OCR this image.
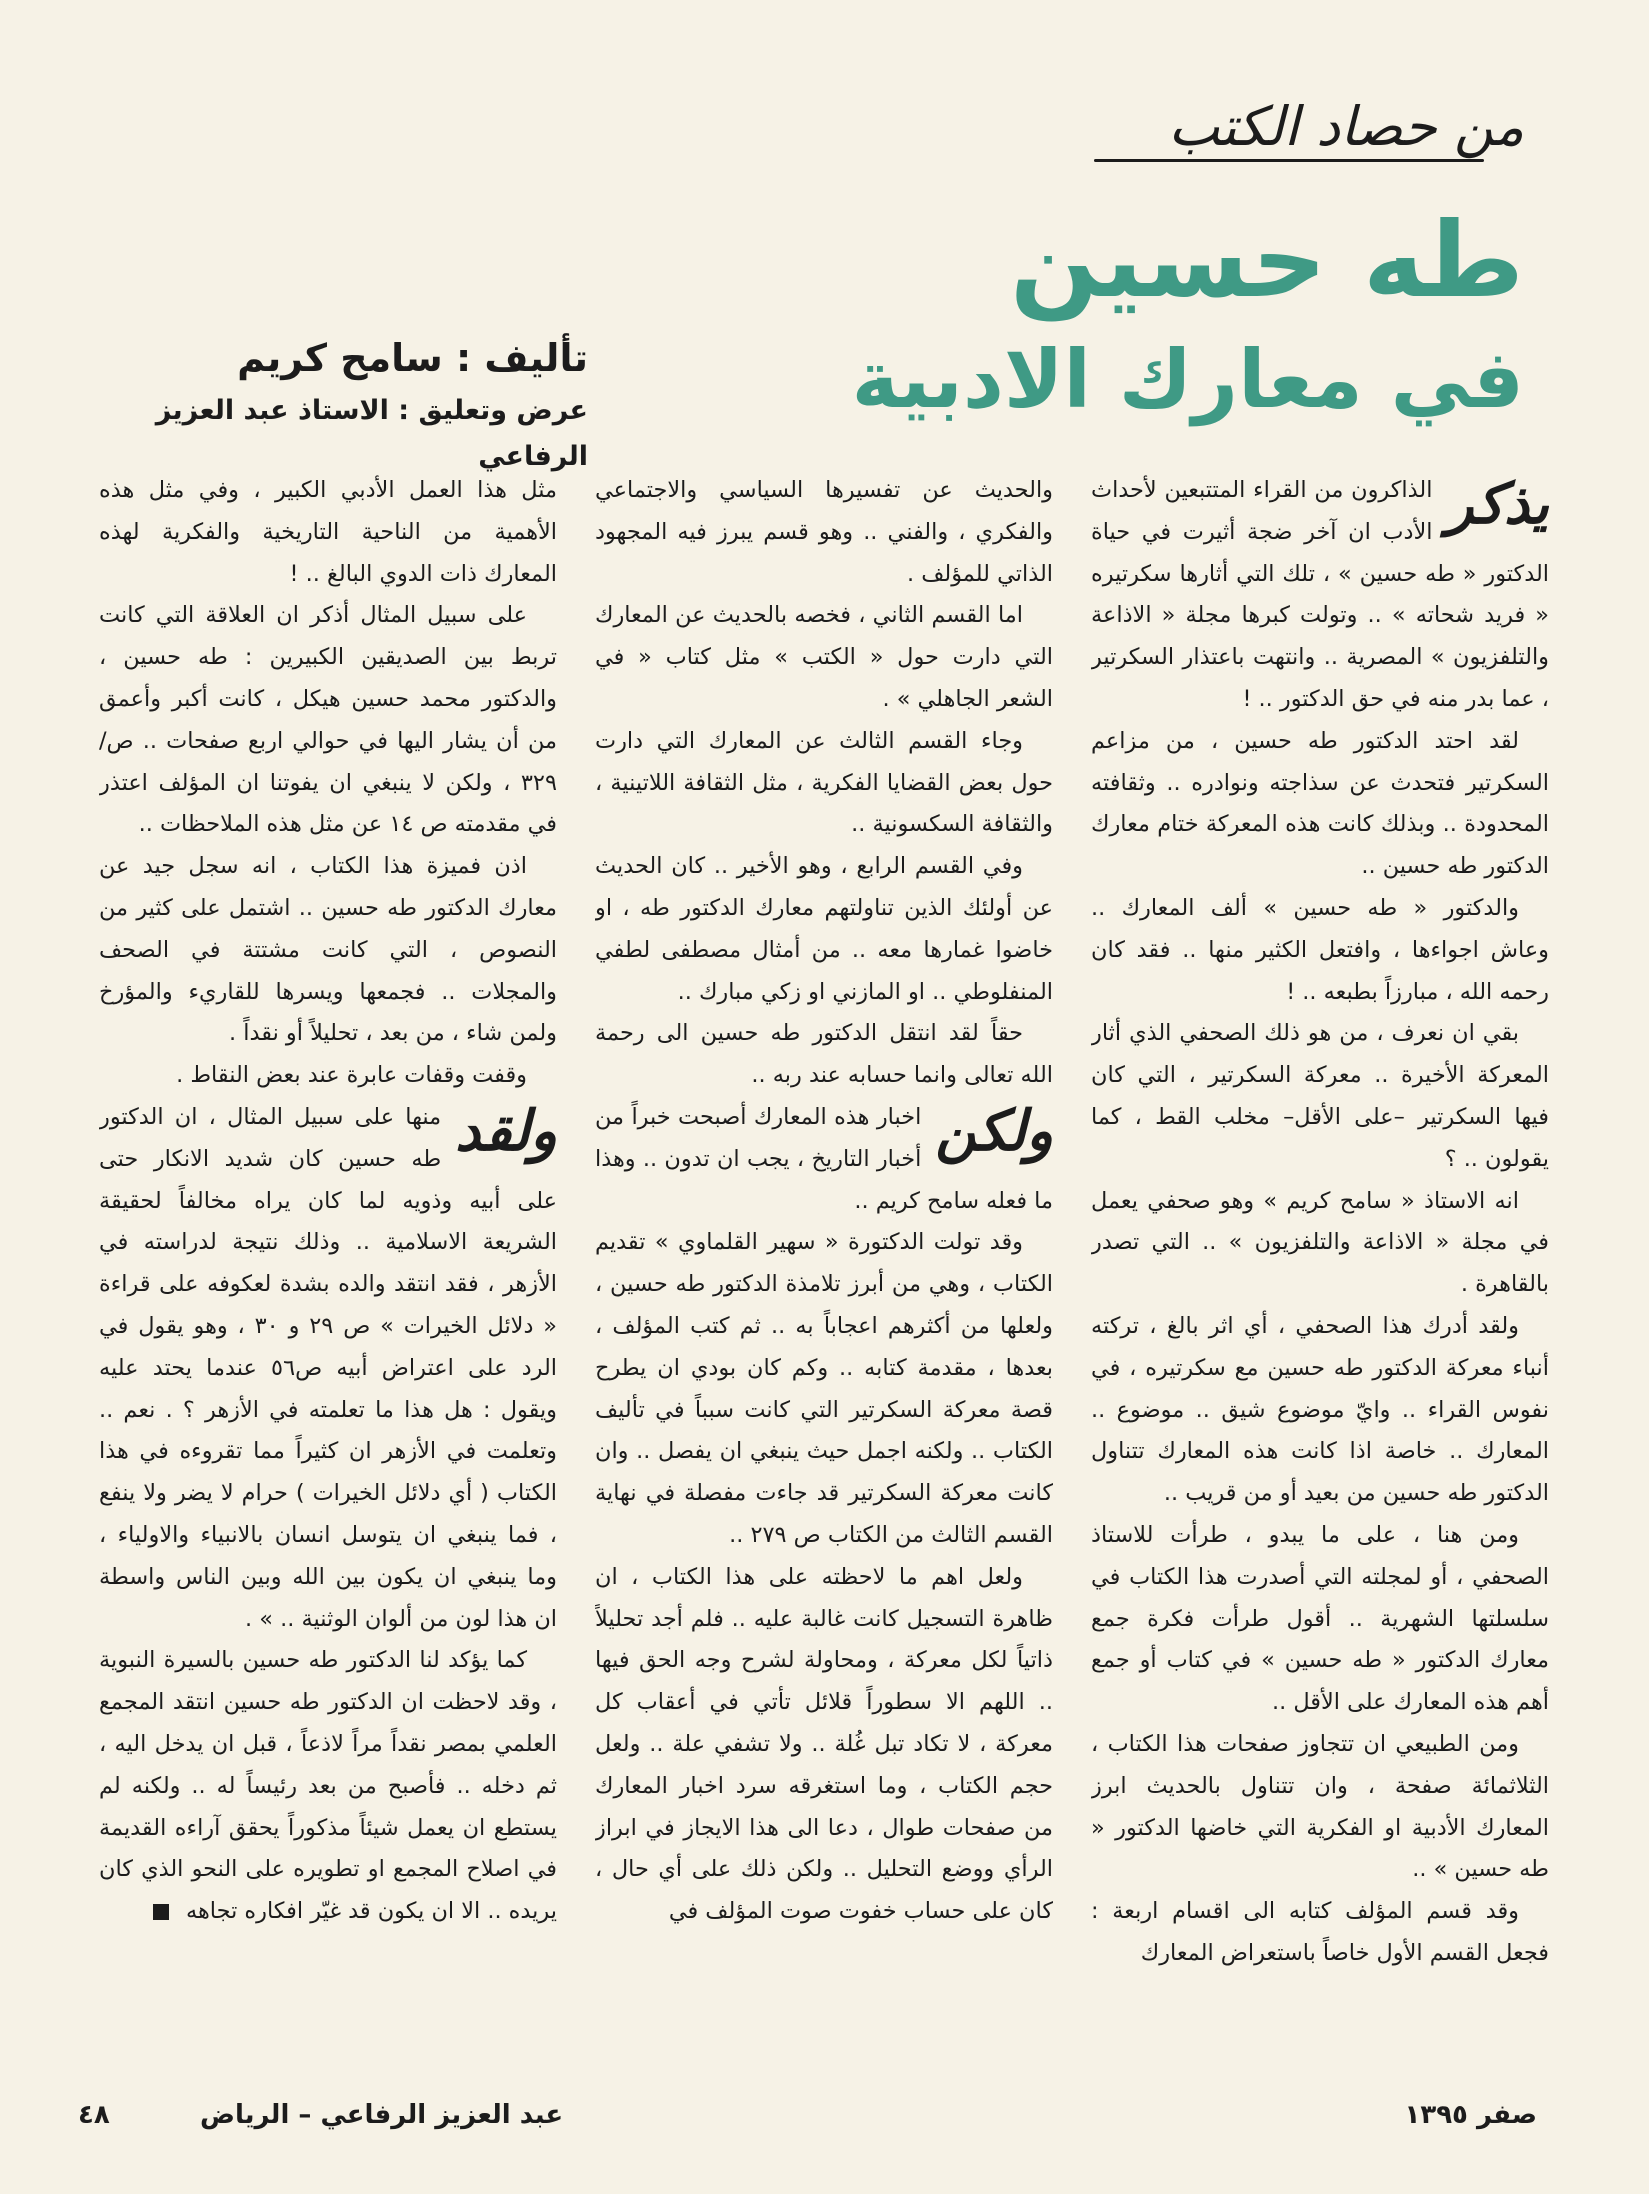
من حصاد الكتب
طه حسين
في معارك الادبية
تأليف : سامح كريم
عرض وتعليق : الاستاذ عبد العزيز الرفاعي

يذكر
الذاكرون من القراء المتتبعين لأحداث الأدب ان آخر ضجة أثيرت في حياة الدكتور « طه حسين » ، تلك التي أثارها سكرتيره « فريد شحاته » .. وتولت كبرها مجلة « الاذاعة والتلفزيون » المصرية .. وانتهت باعتذار السكرتير ، عما بدر منه في حق الدكتور .. !

لقد احتد الدكتور طه حسين ، من مزاعم السكرتير فتحدث عن سذاجته ونوادره .. وثقافته المحدودة .. وبذلك كانت هذه المعركة ختام معارك الدكتور طه حسين ..

والدكتور « طه حسين » ألف المعارك .. وعاش اجواءها ، وافتعل الكثير منها .. فقد كان رحمه الله ، مبارزاً بطبعه .. !

بقي ان نعرف ، من هو ذلك الصحفي الذي أثار المعركة الأخيرة .. معركة السكرتير ، التي كان فيها السكرتير –على الأقل– مخلب القط ، كما يقولون .. ؟

انه الاستاذ « سامح كريم » وهو صحفي يعمل في مجلة « الاذاعة والتلفزيون » .. التي تصدر بالقاهرة .

ولقد أدرك هذا الصحفي ، أي اثر بالغ ، تركته أنباء معركة الدكتور طه حسين مع سكرتيره ، في نفوس القراء .. وايّ موضوع شيق .. موضوع .. المعارك .. خاصة اذا كانت هذه المعارك تتناول الدكتور طه حسين من بعيد أو من قريب ..

ومن هنا ، على ما يبدو ، طرأت للاستاذ الصحفي ، أو لمجلته التي أصدرت هذا الكتاب في سلسلتها الشهرية .. أقول طرأت فكرة جمع معارك الدكتور « طه حسين » في كتاب أو جمع أهم هذه المعارك على الأقل ..

ومن الطبيعي ان تتجاوز صفحات هذا الكتاب ، الثلاثمائة صفحة ، وان تتناول بالحديث ابرز المعارك الأدبية او الفكرية التي خاضها الدكتور « طه حسين » ..

وقد قسم المؤلف كتابه الى اقسام اربعة : فجعل القسم الأول خاصاً باستعراض المعارك

والحديث عن تفسيرها السياسي والاجتماعي والفكري ، والفني .. وهو قسم يبرز فيه المجهود الذاتي للمؤلف .

اما القسم الثاني ، فخصه بالحديث عن المعارك التي دارت حول « الكتب » مثل كتاب « في الشعر الجاهلي » .

وجاء القسم الثالث عن المعارك التي دارت حول بعض القضايا الفكرية ، مثل الثقافة اللاتينية ، والثقافة السكسونية ..

وفي القسم الرابع ، وهو الأخير .. كان الحديث عن أولئك الذين تناولتهم معارك الدكتور طه ، او خاضوا غمارها معه .. من أمثال مصطفى لطفي المنفلوطي .. او المازني او زكي مبارك ..

حقاً لقد انتقل الدكتور طه حسين الى رحمة الله تعالى وانما حسابه عند ربه ..

ولكن
اخبار هذه المعارك أصبحت خبراً من أخبار التاريخ ، يجب ان تدون .. وهذا ما فعله سامح كريم ..

وقد تولت الدكتورة « سهير القلماوي » تقديم الكتاب ، وهي من أبرز تلامذة الدكتور طه حسين ، ولعلها من أكثرهم اعجاباً به .. ثم كتب المؤلف ، بعدها ، مقدمة كتابه .. وكم كان بودي ان يطرح قصة معركة السكرتير التي كانت سبباً في تأليف الكتاب .. ولكنه اجمل حيث ينبغي ان يفصل .. وان كانت معركة السكرتير قد جاءت مفصلة في نهاية القسم الثالث من الكتاب ص ٢٧٩ ..

ولعل اهم ما لاحظته على هذا الكتاب ، ان ظاهرة التسجيل كانت غالبة عليه .. فلم أجد تحليلاً ذاتياً لكل معركة ، ومحاولة لشرح وجه الحق فيها .. اللهم الا سطوراً قلائل تأتي في أعقاب كل معركة ، لا تكاد تبل غُلة .. ولا تشفي علة .. ولعل حجم الكتاب ، وما استغرقه سرد اخبار المعارك من صفحات طوال ، دعا الى هذا الايجاز في ابراز الرأي ووضع التحليل .. ولكن ذلك على أي حال ، كان على حساب خفوت صوت المؤلف في

مثل هذا العمل الأدبي الكبير ، وفي مثل هذه الأهمية من الناحية التاريخية والفكرية لهذه المعارك ذات الدوي البالغ .. !

على سبيل المثال أذكر ان العلاقة التي كانت تربط بين الصديقين الكبيرين : طه حسين ، والدكتور محمد حسين هيكل ، كانت أكبر وأعمق من أن يشار اليها في حوالي اربع صفحات .. ص/٣٢٩ ، ولكن لا ينبغي ان يفوتنا ان المؤلف اعتذر في مقدمته ص ١٤ عن مثل هذه الملاحظات ..

اذن فميزة هذا الكتاب ، انه سجل جيد عن معارك الدكتور طه حسين .. اشتمل على كثير من النصوص ، التي كانت مشتتة في الصحف والمجلات .. فجمعها ويسرها للقاريء والمؤرخ ولمن شاء ، من بعد ، تحليلاً أو نقداً .

وقفت وقفات عابرة عند بعض النقاط .

ولقد
منها على سبيل المثال ، ان الدكتور طه حسين كان شديد الانكار حتى على أبيه وذويه لما كان يراه مخالفاً لحقيقة الشريعة الاسلامية .. وذلك نتيجة لدراسته في الأزهر ، فقد انتقد والده بشدة لعكوفه على قراءة « دلائل الخيرات » ص ٢٩ و ٣٠ ، وهو يقول في الرد على اعتراض أبيه ص٥٦ عندما يحتد عليه ويقول : هل هذا ما تعلمته في الأزهر ؟ . نعم .. وتعلمت في الأزهر ان كثيراً مما تقروءه في هذا الكتاب ( أي دلائل الخيرات ) حرام لا يضر ولا ينفع ، فما ينبغي ان يتوسل انسان بالانبياء والاولياء ، وما ينبغي ان يكون بين الله وبين الناس واسطة ان هذا لون من ألوان الوثنية .. » .

كما يؤكد لنا الدكتور طه حسين بالسيرة النبوية ، وقد لاحظت ان الدكتور طه حسين انتقد المجمع العلمي بمصر نقداً مراً لاذعاً ، قبل ان يدخل اليه ، ثم دخله .. فأصبح من بعد رئيساً له .. ولكنه لم يستطع ان يعمل شيئاً مذكوراً يحقق آراءه القديمة في اصلاح المجمع او تطويره على النحو الذي كان يريده .. الا ان يكون قد غيّر افكاره تجاهه

صفر ١٣٩٥
عبد العزيز الرفاعي – الرياض
٤٨
